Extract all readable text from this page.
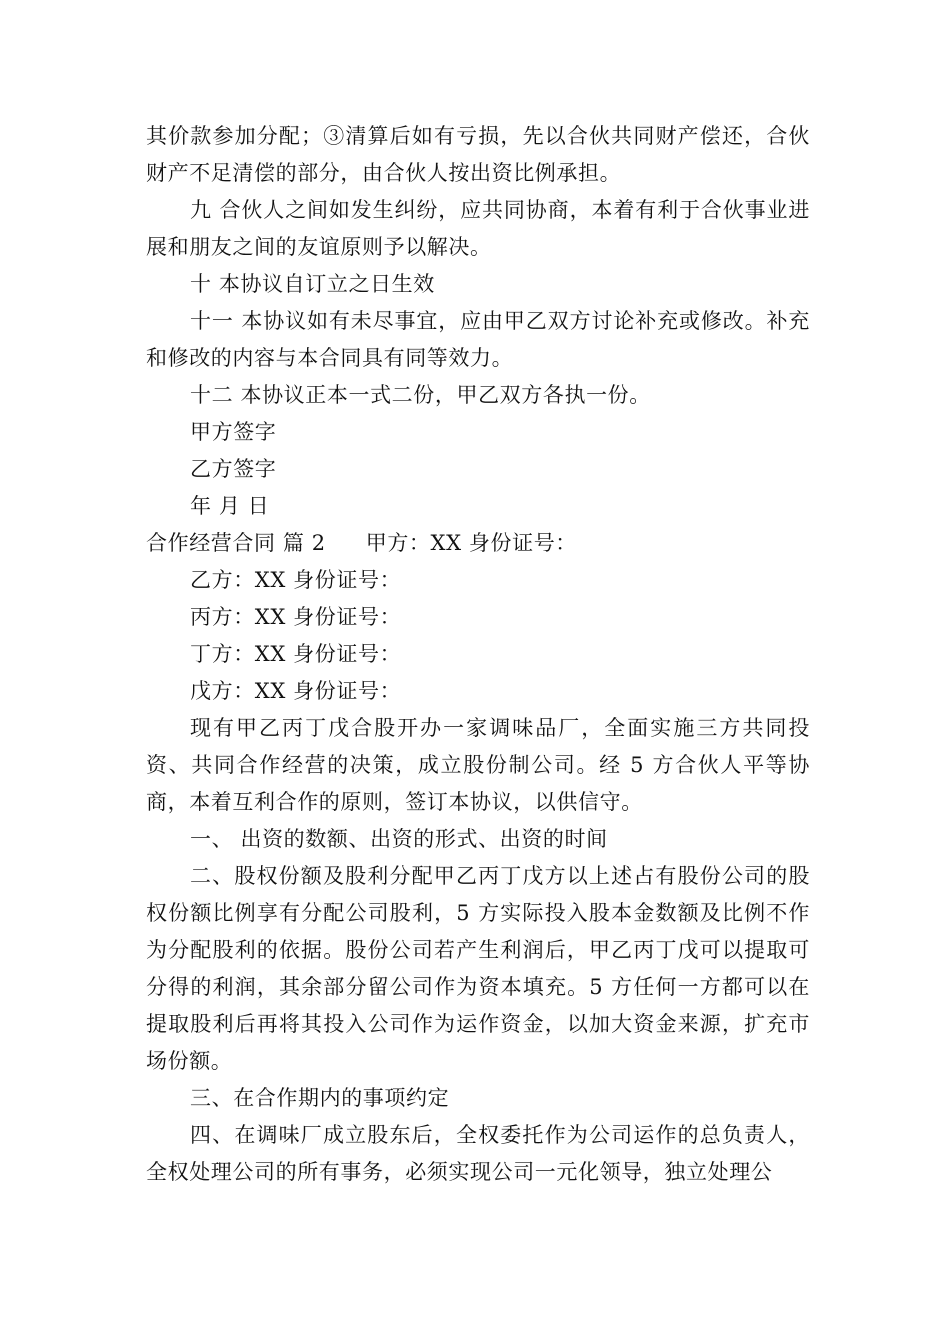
其价款参加分配；③清算后如有亏损，先以合伙共同财产偿还，合伙财产不足清偿的部分，由合伙人按出资比例承担。

九 合伙人之间如发生纠纷，应共同协商，本着有利于合伙事业进展和朋友之间的友谊原则予以解决。

十 本协议自订立之日生效

十一 本协议如有未尽事宜，应由甲乙双方讨论补充或修改。补充和修改的内容与本合同具有同等效力。

十二 本协议正本一式二份，甲乙双方各执一份。

甲方签字

乙方签字

年 月 日

合作经营合同 篇 2 甲方：XX 身份证号：

乙方：XX 身份证号：

丙方：XX 身份证号：

丁方：XX 身份证号：

戊方：XX 身份证号：

现有甲乙丙丁戊合股开办一家调味品厂，全面实施三方共同投资、共同合作经营的决策，成立股份制公司。经 5 方合伙人平等协商，本着互利合作的原则，签订本协议，以供信守。

一、 出资的数额、出资的形式、出资的时间

二、股权份额及股利分配甲乙丙丁戊方以上述占有股份公司的股权份额比例享有分配公司股利，5 方实际投入股本金数额及比例不作为分配股利的依据。股份公司若产生利润后，甲乙丙丁戊可以提取可分得的利润，其余部分留公司作为资本填充。5 方任何一方都可以在提取股利后再将其投入公司作为运作资金，以加大资金来源，扩充市场份额。

三、在合作期内的事项约定

四、在调味厂成立股东后，全权委托作为公司运作的总负责人，全权处理公司的所有事务，必须实现公司一元化领导，独立处理公
